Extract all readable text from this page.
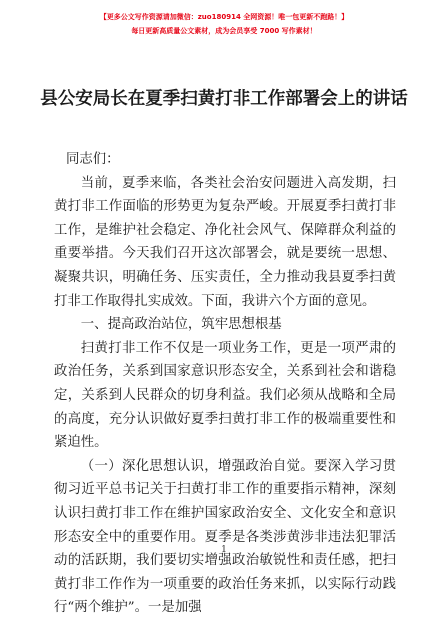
【更多公文写作资源请加微信：zuo180914 全网资源！唯一包更新不跑路！】
每日更新高质量公文素材，成为会员享受 7000 写作素材！
县公安局长在夏季扫黄打非工作部署会上的讲话

同志们：

当前，夏季来临，各类社会治安问题进入高发期，扫黄打非工作面临的形势更为复杂严峻。开展夏季扫黄打非工作，是维护社会稳定、净化社会风气、保障群众利益的重要举措。今天我们召开这次部署会，就是要统一思想、凝聚共识，明确任务、压实责任，全力推动我县夏季扫黄打非工作取得扎实成效。下面，我讲六个方面的意见。

一、提高政治站位，筑牢思想根基

扫黄打非工作不仅是一项业务工作，更是一项严肃的政治任务，关系到国家意识形态安全，关系到社会和谐稳定，关系到人民群众的切身利益。我们必须从战略和全局的高度，充分认识做好夏季扫黄打非工作的极端重要性和紧迫性。

（一）深化思想认识，增强政治自觉。要深入学习贯彻习近平总书记关于扫黄打非工作的重要指示精神，深刻认识扫黄打非工作在维护国家政治安全、文化安全和意识形态安全中的重要作用。夏季是各类涉黄涉非违法犯罪活动的活跃期，我们要切实增强政治敏锐性和责任感，把扫黄打非工作作为一项重要的政治任务来抓，以实际行动践行“两个维护”。一是加强

1
